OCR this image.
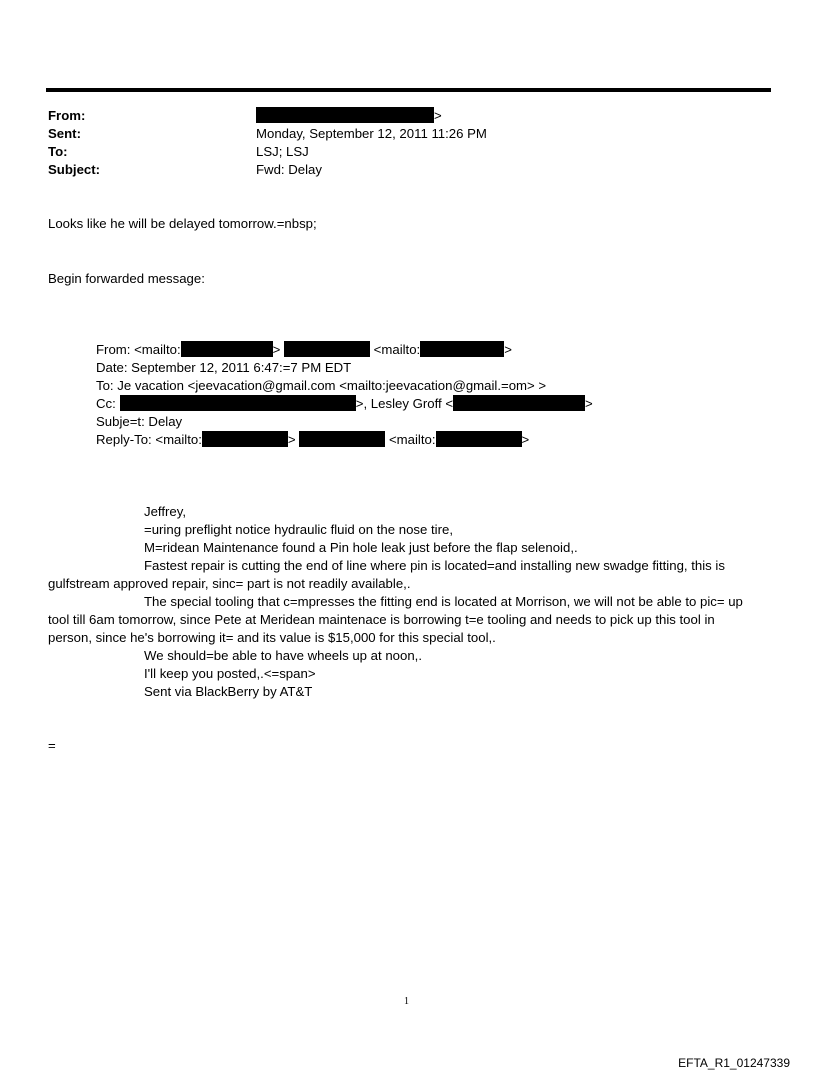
From:	>
Sent:	Monday, September 12, 2011 11:26 PM
To:	LSJ; LSJ
Subject:	Fwd: Delay
Looks like he will be delayed tomorrow.=nbsp;
Begin forwarded message:
From: <mailto:	>	<mailto:	>
Date: September 12, 2011 6:47:=7 PM EDT
To: Je vacation <jeevacation@gmail.com <mailto:jeevacation@gmail.=om> >
Cc:	>, Lesley Groff <	>
Subje=t: Delay
Reply-To: <mailto:	>	<mailto:	>
Jeffrey,
=uring preflight notice hydraulic fluid on the nose tire,
M=ridean Maintenance found a Pin hole leak just before the flap selenoid,.
Fastest repair is cutting the end of line where pin is located=and installing new swadge fitting, this is
gulfstream approved repair, sinc= part is not readily available,.
The special tooling that c=mpresses the fitting end is located at Morrison, we will not be able to pic= up
tool till 6am tomorrow, since Pete at Meridean maintenace is borrowing t=e tooling and needs to pick up this tool in
person, since he's borrowing it= and its value is $15,000 for this special tool,.
We should=be able to have wheels up at noon,.
I'll keep you posted,.<=span>
Sent via BlackBerry by AT&T
=
1
EFTA_R1_01247339
